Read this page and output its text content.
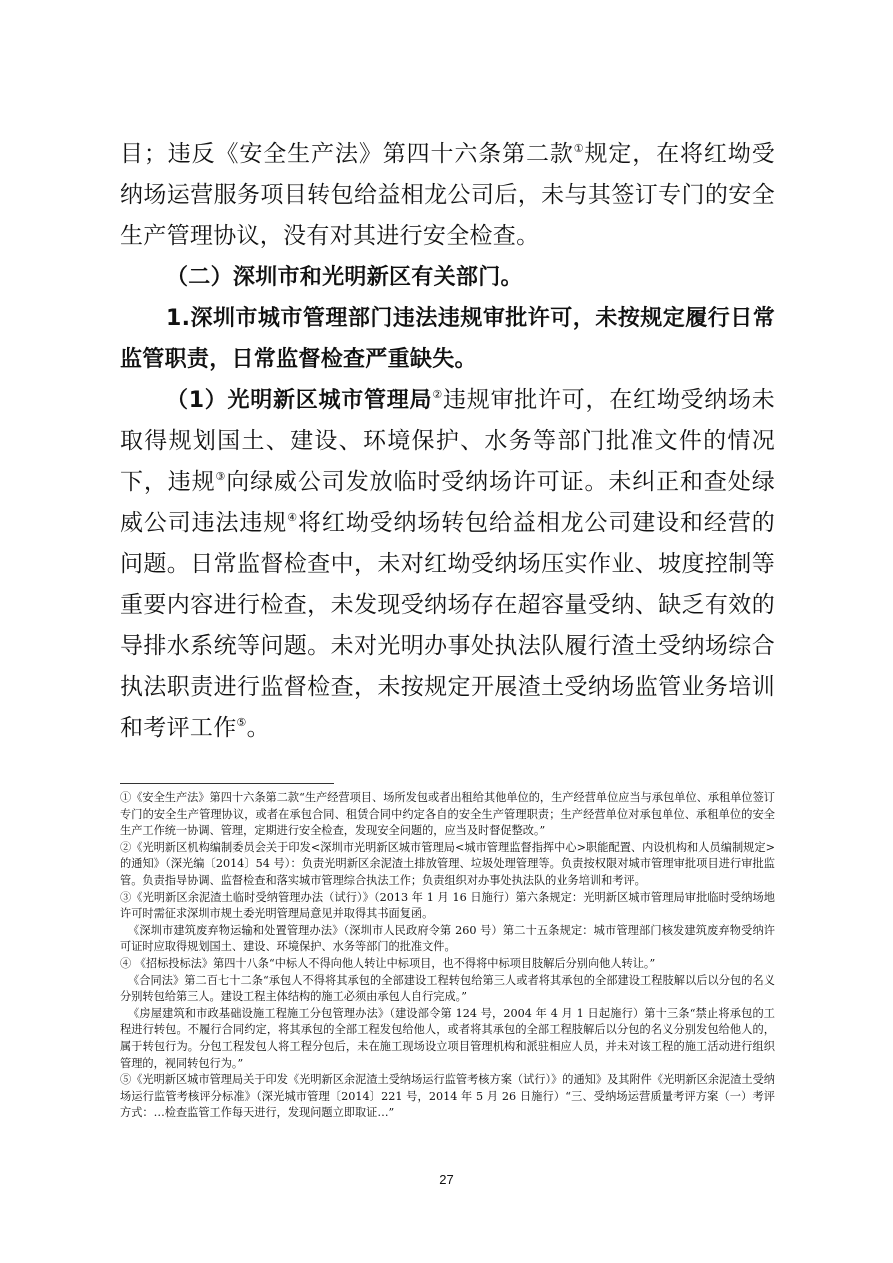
目；违反《安全生产法》第四十六条第二款①规定，在将红坳受纳场运营服务项目转包给益相龙公司后，未与其签订专门的安全生产管理协议，没有对其进行安全检查。

（二）深圳市和光明新区有关部门。

1.深圳市城市管理部门违法违规审批许可，未按规定履行日常监管职责，日常监督检查严重缺失。

（1）光明新区城市管理局②违规审批许可，在红坳受纳场未取得规划国土、建设、环境保护、水务等部门批准文件的情况下，违规③向绿威公司发放临时受纳场许可证。未纠正和查处绿威公司违法违规④将红坳受纳场转包给益相龙公司建设和经营的问题。日常监督检查中，未对红坳受纳场压实作业、坡度控制等重要内容进行检查，未发现受纳场存在超容量受纳、缺乏有效的导排水系统等问题。未对光明办事处执法队履行渣土受纳场综合执法职责进行监督检查，未按规定开展渣土受纳场监管业务培训和考评工作⑤。

①《安全生产法》第四十六条第二款“生产经营项目、场所发包或者出租给其他单位的，生产经营单位应当与承包单位、承租单位签订专门的安全生产管理协议，或者在承包合同、租赁合同中约定各自的安全生产管理职责；生产经营单位对承包单位、承租单位的安全生产工作统一协调、管理，定期进行安全检查，发现安全问题的，应当及时督促整改。”

②《光明新区机构编制委员会关于印发<深圳市光明新区城市管理局<城市管理监督指挥中心>职能配置、内设机构和人员编制规定>的通知》（深光编〔2014〕54 号）：负责光明新区余泥渣土排放管理、垃圾处理管理等。负责按权限对城市管理审批项目进行审批监管。负责指导协调、监督检查和落实城市管理综合执法工作；负责组织对办事处执法队的业务培训和考评。

③《光明新区余泥渣土临时受纳管理办法（试行）》（2013 年 1 月 16 日施行）第六条规定：光明新区城市管理局审批临时受纳场地许可时需征求深圳市规土委光明管理局意见并取得其书面复函。

《深圳市建筑废弃物运输和处置管理办法》（深圳市人民政府令第 260 号）第二十五条规定：城市管理部门核发建筑废弃物受纳许可证时应取得规划国土、建设、环境保护、水务等部门的批准文件。

④ 《招标投标法》第四十八条“中标人不得向他人转让中标项目，也不得将中标项目肢解后分别向他人转让。”

《合同法》第二百七十二条“承包人不得将其承包的全部建设工程转包给第三人或者将其承包的全部建设工程肢解以后以分包的名义分别转包给第三人。建设工程主体结构的施工必须由承包人自行完成。”

《房屋建筑和市政基础设施工程施工分包管理办法》（建设部令第 124 号，2004 年 4 月 1 日起施行）第十三条“禁止将承包的工程进行转包。不履行合同约定，将其承包的全部工程发包给他人，或者将其承包的全部工程肢解后以分包的名义分别发包给他人的，属于转包行为。分包工程发包人将工程分包后，未在施工现场设立项目管理机构和派驻相应人员，并未对该工程的施工活动进行组织管理的，视同转包行为。”

⑤《光明新区城市管理局关于印发《光明新区余泥渣土受纳场运行监管考核方案（试行）》的通知》及其附件《光明新区余泥渣土受纳场运行监管考核评分标准》（深光城市管理〔2014〕221 号，2014 年 5 月 26 日施行）“三、受纳场运营质量考评方案（一）考评方式：…检查监管工作每天进行，发现问题立即取证…”

27
